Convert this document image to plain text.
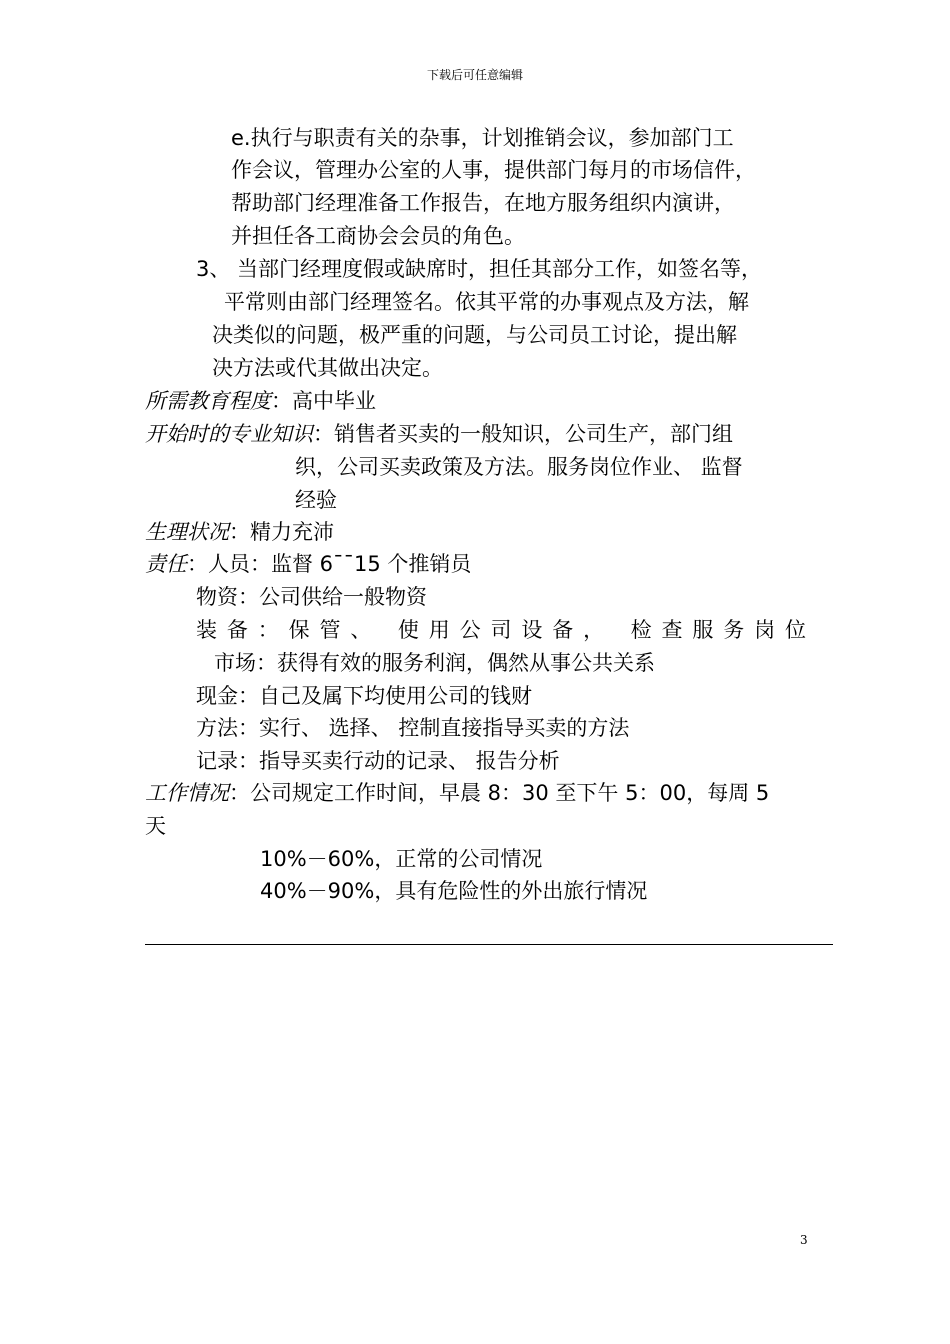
下载后可任意编辑
e.执行与职责有关的杂事，计划推销会议，参加部门工
作会议，管理办公室的人事，提供部门每月的市场信件，
帮助部门经理准备工作报告，在地方服务组织内演讲，
并担任各工商协会会员的角色。
3、 当部门经理度假或缺席时，担任其部分工作，如签名等，
平常则由部门经理签名。依其平常的办事观点及方法，解
决类似的问题，极严重的问题，与公司员工讨论，提出解
决方法或代其做出决定。
所需教育程度：高中毕业
开始时的专业知识：销售者买卖的一般知识，公司生产，部门组
织，公司买卖政策及方法。服务岗位作业、 监督
经验
生理状况：精力充沛
责任：人员：监督 6¯¯15 个推销员
物资：公司供给一般物资
装备：保管、 使用公司设备， 检查服务岗位
市场：获得有效的服务利润，偶然从事公共关系
现金：自己及属下均使用公司的钱财
方法：实行、 选择、 控制直接指导买卖的方法
记录：指导买卖行动的记录、 报告分析
工作情况：公司规定工作时间，早晨 8：30 至下午 5：00，每周 5
天
10%－60%，正常的公司情况
40%－90%，具有危险性的外出旅行情况
3
